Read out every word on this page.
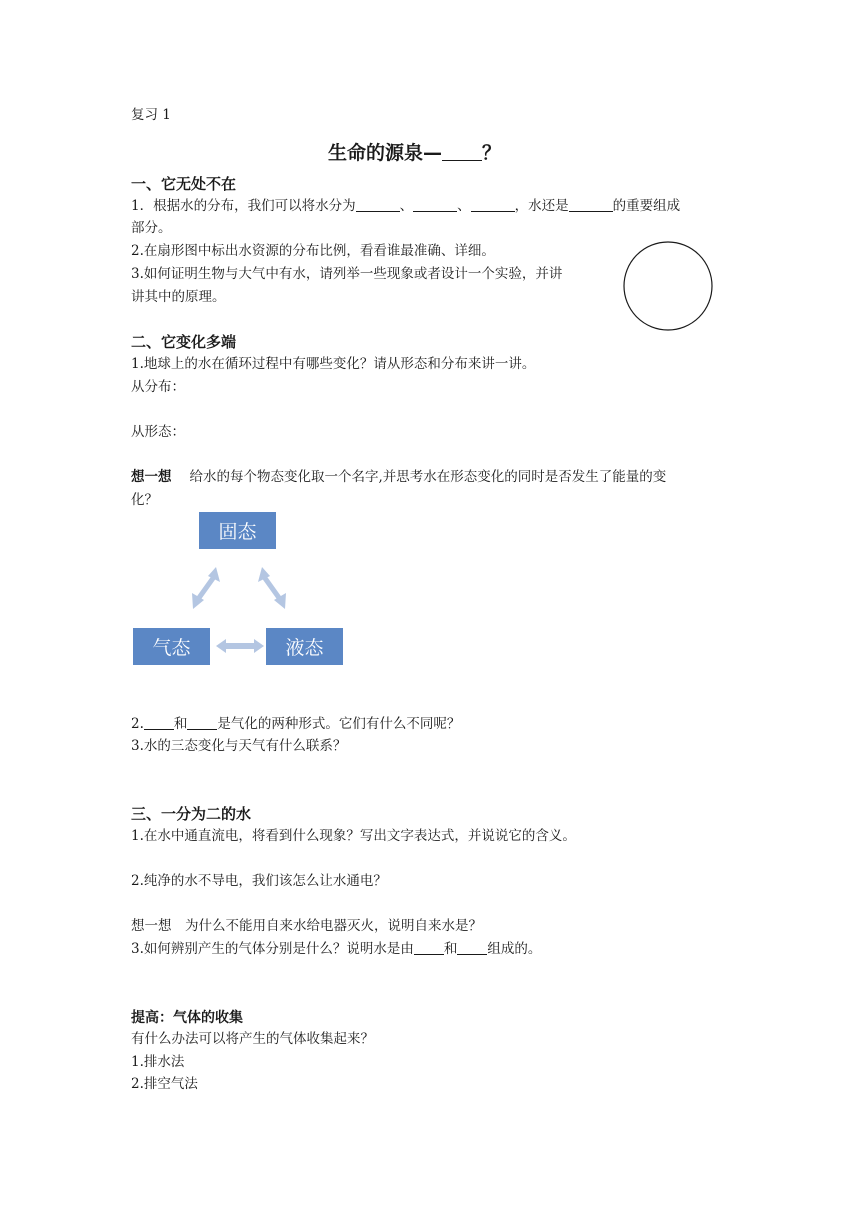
复习 1
生命的源泉— ？
一、它无处不在
1．根据水的分布，我们可以将水分为	、	、	，水还是	的重要组成
部分。
2.在扇形图中标出水资源的分布比例，看看谁最准确、详细。
3.如何证明生物与大气中有水，请列举一些现象或者设计一个实验，并讲
讲其中的原理。
二、它变化多端
1.地球上的水在循环过程中有哪些变化？请从形态和分布来讲一讲。
从分布：
从形态：
想一想 给水的每个物态变化取一个名字,并思考水在形态变化的同时是否发生了能量的变
化？
固态
气态	液态
2. 和 是气化的两种形式。它们有什么不同呢？
3.水的三态变化与天气有什么联系？
三、一分为二的水
1.在水中通直流电，将看到什么现象？写出文字表达式，并说说它的含义。
2.纯净的水不导电，我们该怎么让水通电？
想一想　为什么不能用自来水给电器灭火，说明自来水是？
3.如何辨别产生的气体分别是什么？说明水是由 和 组成的。
提高：气体的收集
有什么办法可以将产生的气体收集起来？
1.排水法
2.排空气法
